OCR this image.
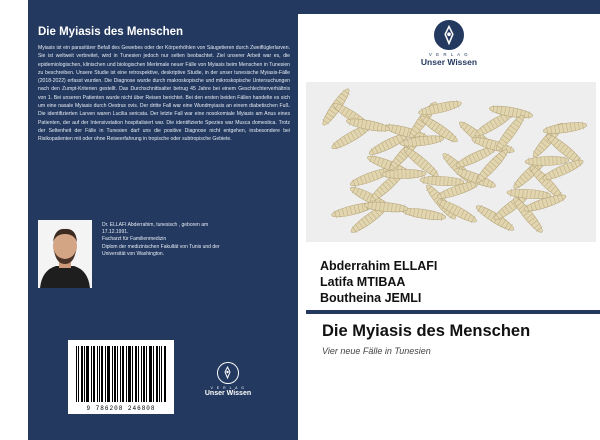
Die Myiasis des Menschen
Myiasis ist ein parasitärer Befall des Gewebes oder der Körperhöhlen von Säugetieren durch Zweiflüglerlarven. Sie ist weltweit verbreitet, wird in Tunesien jedoch nur selten beobachtet. Ziel unserer Arbeit war es, die epidemiologischen, klinischen und biologischen Merkmale neuer Fälle von Myiasis beim Menschen in Tunesien zu beschreiben. Unsere Studie ist eine retrospektive, deskriptive Studie, in der unser tunesische Myiasis-Fälle (2018-2022) erfasst wurden. Die Diagnose wurde durch makroskopische und mikroskopische Untersuchungen nach den Zumpt-Kriterien gestellt. Das Durchschnittsalter betrug 45 Jahre bei einem Geschlechterverhältnis von 1. Bei unseren Patienten wurde nicht über Reisen berichtet. Bei den ersten beiden Fällen handelte es sich um eine nasale Myiasis durch Oestrus ovis. Der dritte Fall war eine Wundmyiasis an einem diabetischen Fuß. Die identifizierten Larven waren Lucilia sericata. Der letzte Fall war eine nosokomiale Myiasis am Anus eines Patienten, der auf der Intensivstation hospitalisiert war. Die identifizierte Spezies war Musca domestica. Trotz der Seltenheit der Fälle in Tunesien darf uns die positive Diagnose nicht entgehen, insbesondere bei Risikopatienten mit oder ohne Reiseerfahrung in tropische oder subtropische Gebiete.
Dr. ELLAFI Abderrahim, tunesisch , geboren am
17.12.1991.
Facharzt für Familienmedizin
Diplom der medizinischen Fakultät von Tunis und der
Universität von Washington.
9 786208 246808
V E R L A G
Unser Wissen
V E R L A G
Unser Wissen
Abderrahim ELLAFI
Latifa MTIBAA
Boutheina JEMLI
Die Myiasis des Menschen
Vier neue Fälle in Tunesien
